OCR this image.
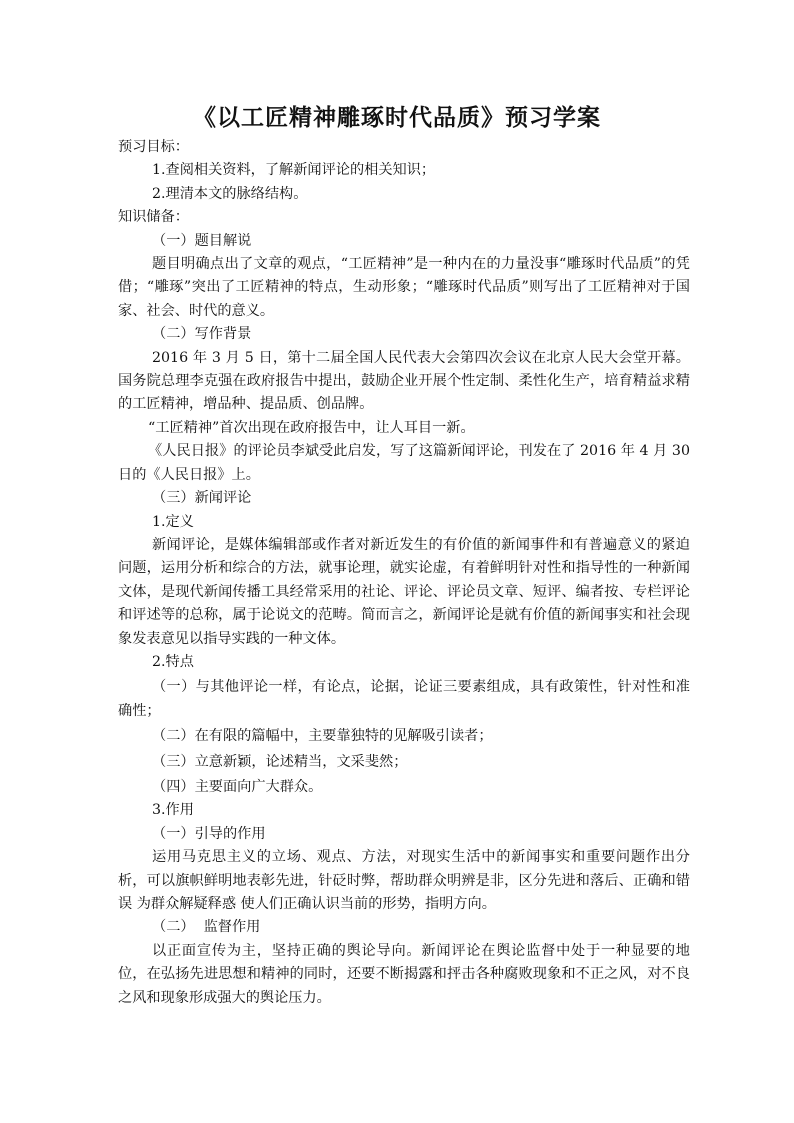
《以工匠精神雕琢时代品质》预习学案

预习目标：

1.查阅相关资料，了解新闻评论的相关知识；

2.理清本文的脉络结构。

知识储备：

（一）题目解说

题目明确点出了文章的观点，“工匠精神”是一种内在的力量没事“雕琢时代品质”的凭借；“雕琢”突出了工匠精神的特点，生动形象；“雕琢时代品质”则写出了工匠精神对于国家、社会、时代的意义。

（二）写作背景

2016 年 3 月 5 日，第十二届全国人民代表大会第四次会议在北京人民大会堂开幕。国务院总理李克强在政府报告中提出，鼓励企业开展个性定制、柔性化生产，培育精益求精的工匠精神，增品种、提品质、创品牌。

“工匠精神”首次出现在政府报告中，让人耳目一新。

《人民日报》的评论员李斌受此启发，写了这篇新闻评论，刊发在了 2016 年 4 月 30 日的《人民日报》上。

（三）新闻评论

1.定义

新闻评论，是媒体编辑部或作者对新近发生的有价值的新闻事件和有普遍意义的紧迫问题，运用分析和综合的方法，就事论理，就实论虚，有着鲜明针对性和指导性的一种新闻文体，是现代新闻传播工具经常采用的社论、评论、评论员文章、短评、编者按、专栏评论和评述等的总称，属于论说文的范畴。简而言之，新闻评论是就有价值的新闻事实和社会现象发表意见以指导实践的一种文体。

2.特点

（一）与其他评论一样，有论点，论据，论证三要素组成，具有政策性，针对性和准确性；

（二）在有限的篇幅中，主要靠独特的见解吸引读者；

（三）立意新颖，论述精当，文采斐然；

（四）主要面向广大群众。

3.作用

（一）引导的作用

运用马克思主义的立场、观点、方法，对现实生活中的新闻事实和重要问题作出分析，可以旗帜鲜明地表彰先进，针砭时弊，帮助群众明辨是非，区分先进和落后、正确和错误 为群众解疑释惑 使人们正确认识当前的形势，指明方向。

（二）  监督作用

以正面宣传为主，坚持正确的舆论导向。新闻评论在舆论监督中处于一种显要的地位，在弘扬先进思想和精神的同时，还要不断揭露和抨击各种腐败现象和不正之风，对不良之风和现象形成强大的舆论压力。
